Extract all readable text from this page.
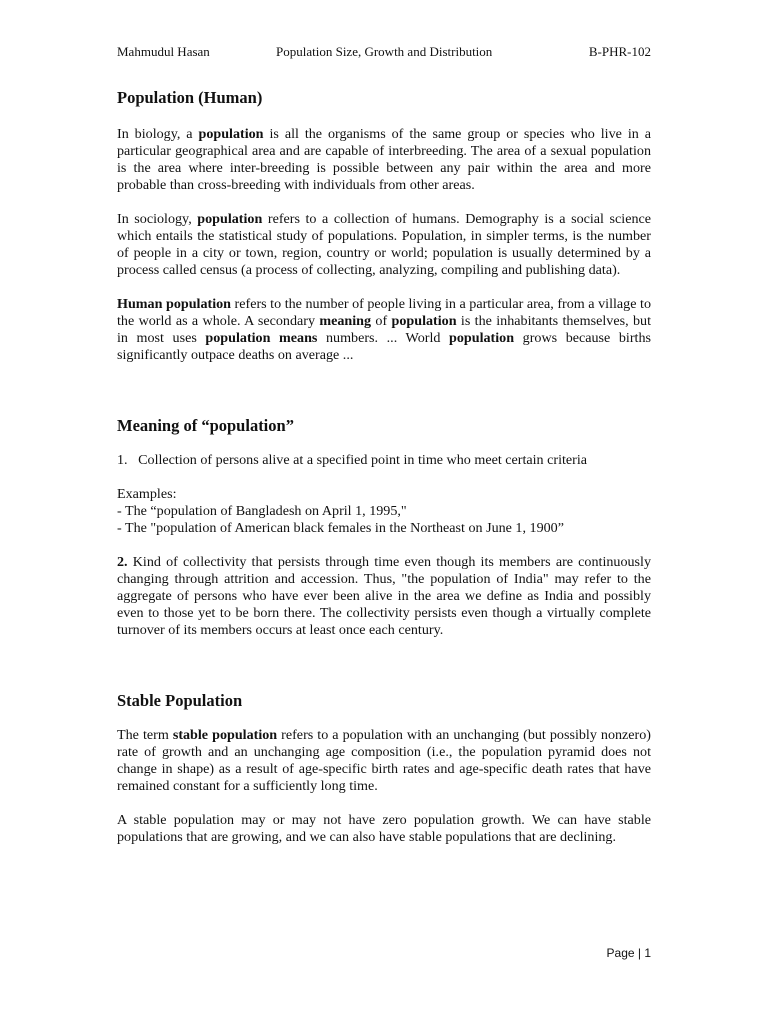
Mahmudul Hasan	Population Size, Growth and Distribution	B-PHR-102
Population (Human)

In biology, a population is all the organisms of the same group or species who live in a particular geographical area and are capable of interbreeding. The area of a sexual population is the area where inter-breeding is possible between any pair within the area and more probable than cross-breeding with individuals from other areas.

In sociology, population refers to a collection of humans. Demography is a social science which entails the statistical study of populations. Population, in simpler terms, is the number of people in a city or town, region, country or world; population is usually determined by a process called census (a process of collecting, analyzing, compiling and publishing data).

Human population refers to the number of people living in a particular area, from a village to the world as a whole. A secondary meaning of population is the inhabitants themselves, but in most uses population means numbers. ... World population grows because births significantly outpace deaths on average ...

Meaning of “population”

1.   Collection of persons alive at a specified point in time who meet certain criteria

Examples:

- The “population of Bangladesh on April 1, 1995,"

- The "population of American black females in the Northeast on June 1, 1900”

2. Kind of collectivity that persists through time even though its members are continuously changing through attrition and accession. Thus, "the population of India" may refer to the aggregate of persons who have ever been alive in the area we define as India and possibly even to those yet to be born there. The collectivity persists even though a virtually complete turnover of its members occurs at least once each century.

Stable Population

The term stable population refers to a population with an unchanging (but possibly nonzero) rate of growth and an unchanging age composition (i.e., the population pyramid does not change in shape) as a result of age-specific birth rates and age-specific death rates that have remained constant for a sufficiently long time.

A stable population may or may not have zero population growth. We can have stable populations that are growing, and we can also have stable populations that are declining.

Page | 1
